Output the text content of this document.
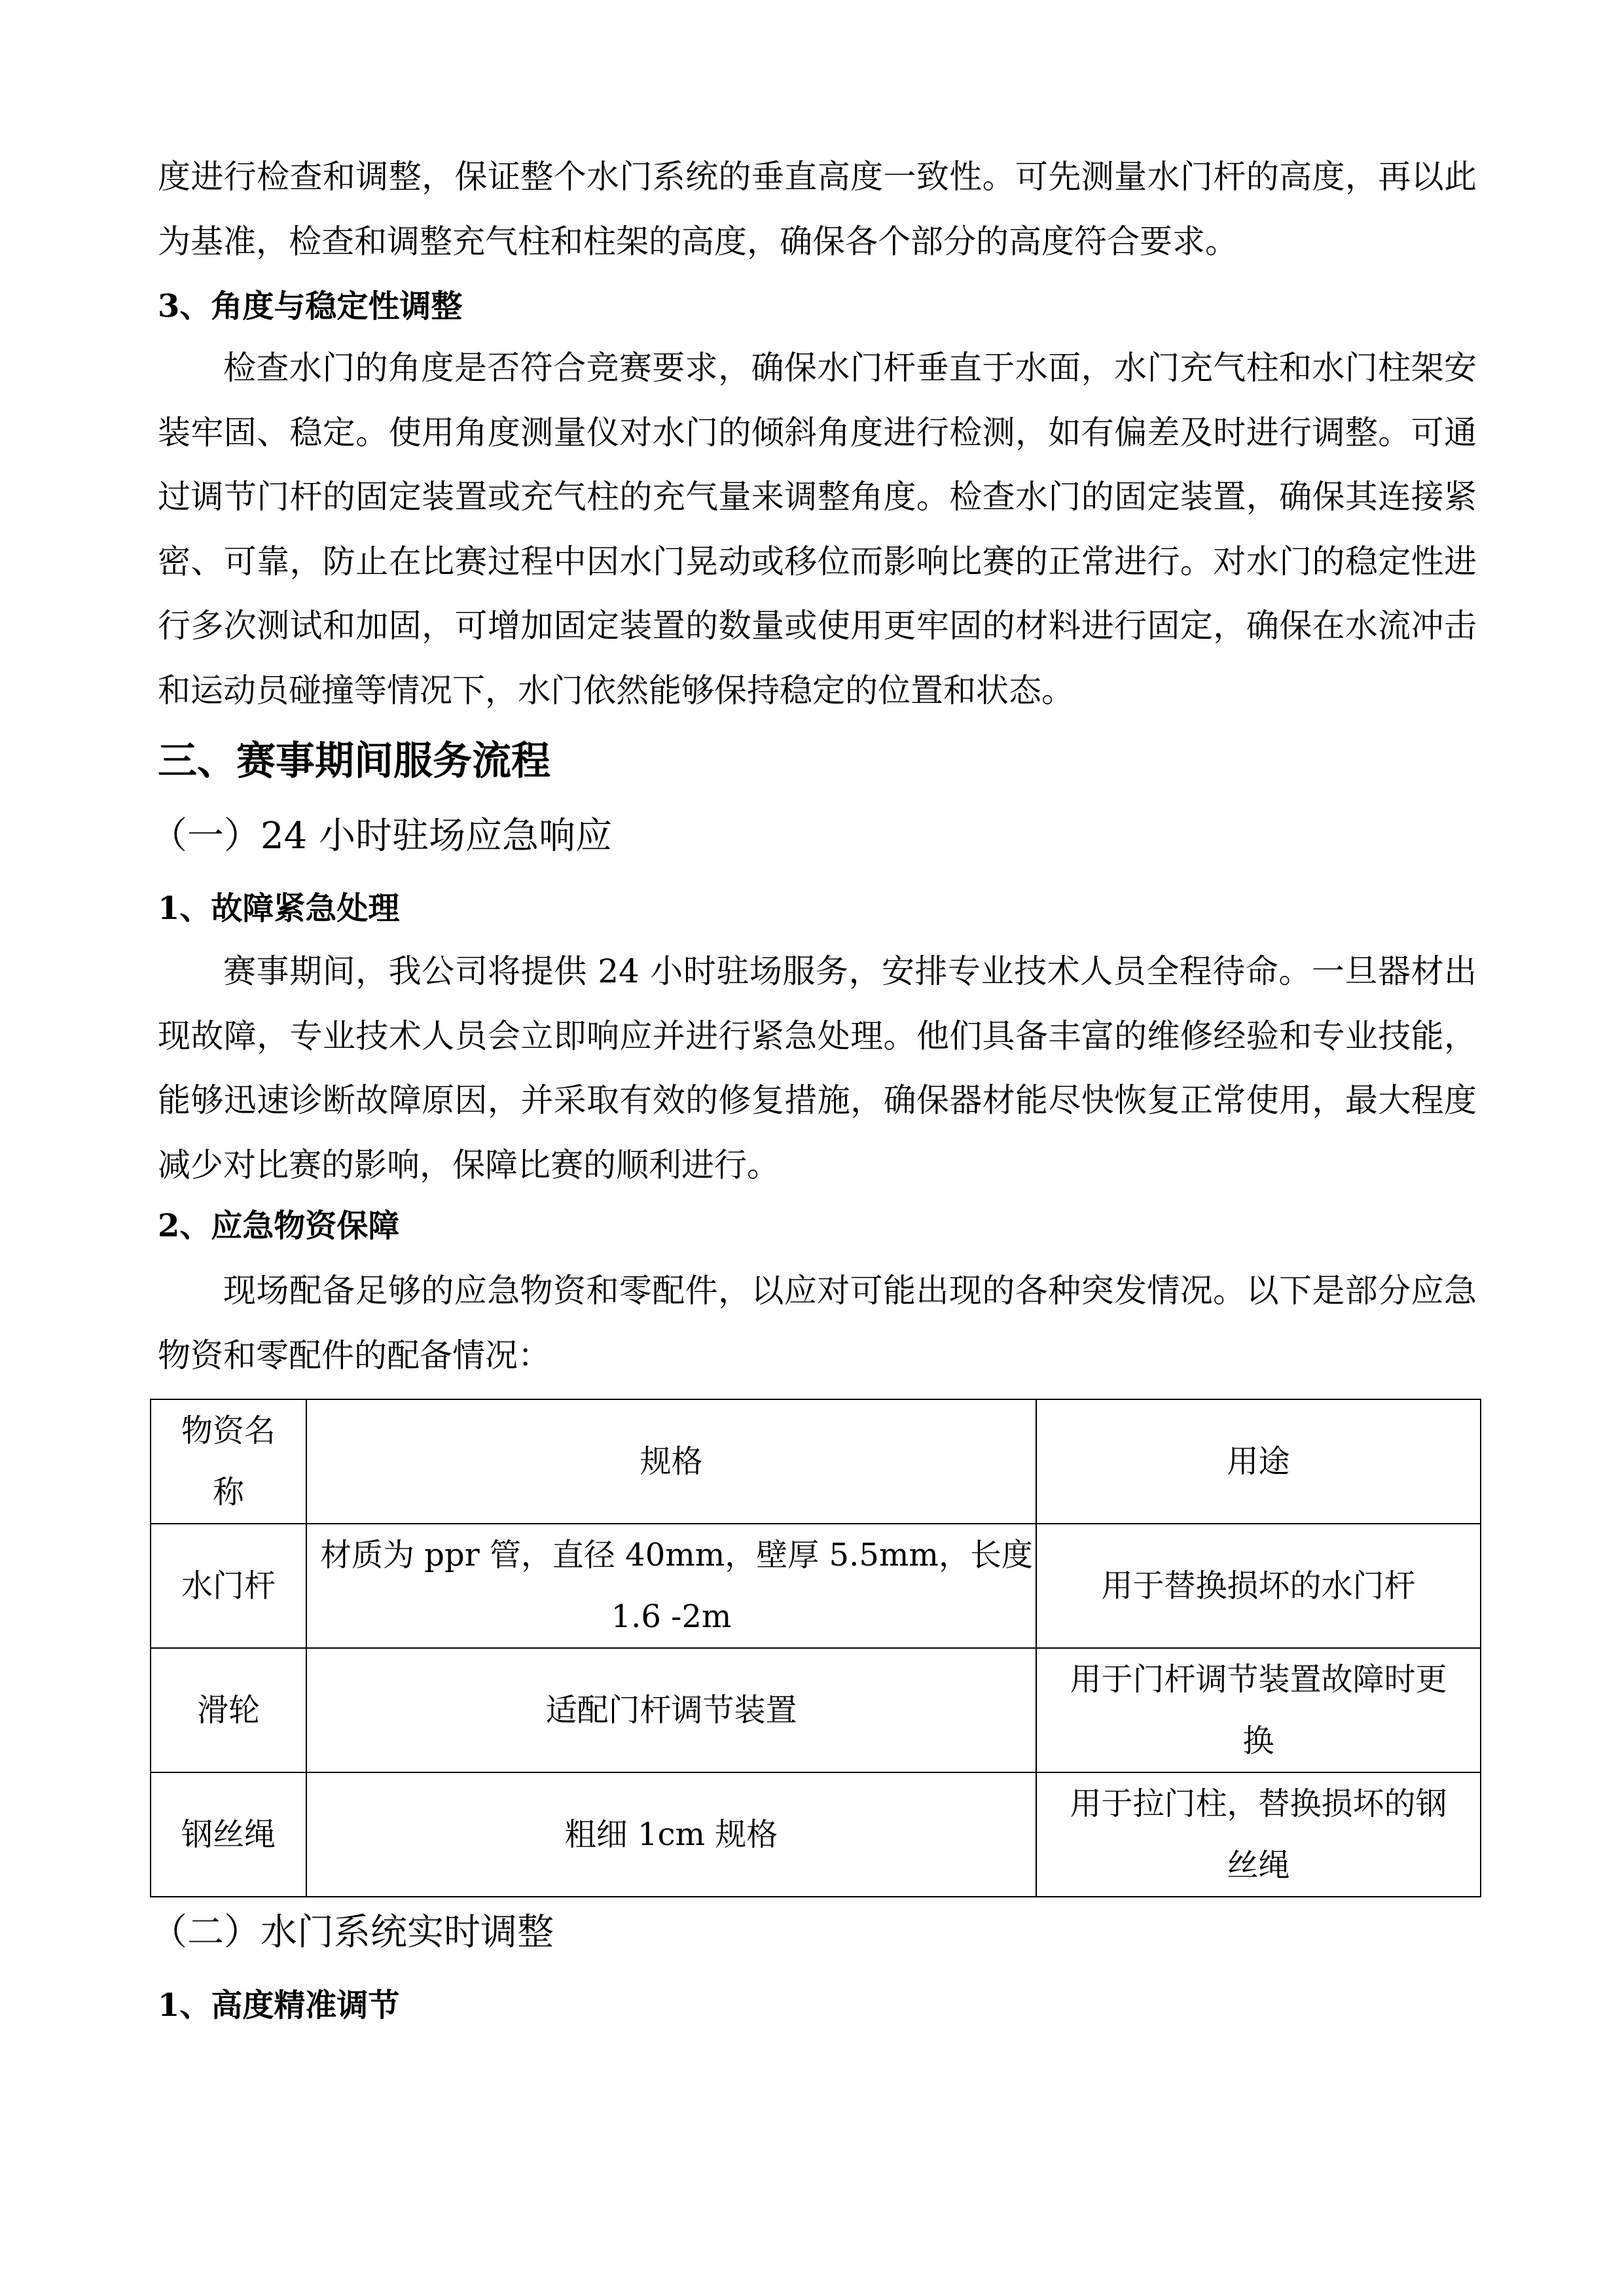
度进行检查和调整，保证整个水门系统的垂直高度一致性。可先测量水门杆的高度，再以此
为基准，检查和调整充气柱和柱架的高度，确保各个部分的高度符合要求。
3、角度与稳定性调整
检查水门的角度是否符合竞赛要求，确保水门杆垂直于水面，水门充气柱和水门柱架安
装牢固、稳定。使用角度测量仪对水门的倾斜角度进行检测，如有偏差及时进行调整。可通
过调节门杆的固定装置或充气柱的充气量来调整角度。检查水门的固定装置，确保其连接紧
密、可靠，防止在比赛过程中因水门晃动或移位而影响比赛的正常进行。对水门的稳定性进
行多次测试和加固，可增加固定装置的数量或使用更牢固的材料进行固定，确保在水流冲击
和运动员碰撞等情况下，水门依然能够保持稳定的位置和状态。
三、赛事期间服务流程
（一）24 小时驻场应急响应
1、故障紧急处理
赛事期间，我公司将提供 24 小时驻场服务，安排专业技术人员全程待命。一旦器材出
现故障，专业技术人员会立即响应并进行紧急处理。他们具备丰富的维修经验和专业技能，
能够迅速诊断故障原因，并采取有效的修复措施，确保器材能尽快恢复正常使用，最大程度
减少对比赛的影响，保障比赛的顺利进行。
2、应急物资保障
现场配备足够的应急物资和零配件，以应对可能出现的各种突发情况。以下是部分应急
物资和零配件的配备情况：
物资名
称	规格	用途

水门杆	材质为 ppr 管，直径 40mm，壁厚 5.5mm，长度
1.6 -2m	用于替换损坏的水门杆

滑轮	适配门杆调节装置	用于门杆调节装置故障时更
换

钢丝绳	粗细 1cm 规格	用于拉门柱，替换损坏的钢
丝绳
（二）水门系统实时调整
1、高度精准调节
